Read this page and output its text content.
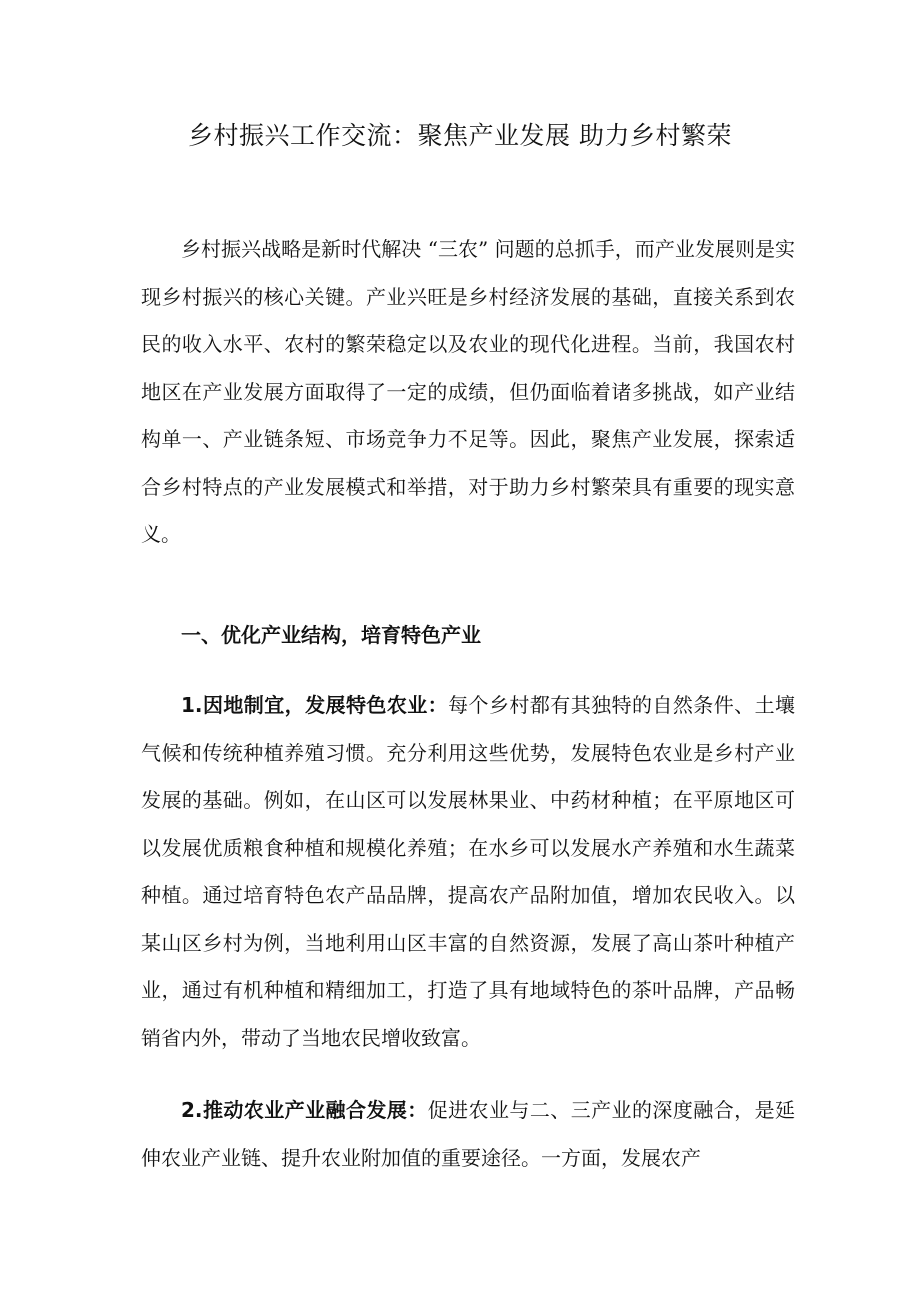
乡村振兴工作交流：聚焦产业发展 助力乡村繁荣

乡村振兴战略是新时代解决 “三农” 问题的总抓手，而产业发展则是实现乡村振兴的核心关键。产业兴旺是乡村经济发展的基础，直接关系到农民的收入水平、农村的繁荣稳定以及农业的现代化进程。当前，我国农村地区在产业发展方面取得了一定的成绩，但仍面临着诸多挑战，如产业结构单一、产业链条短、市场竞争力不足等。因此，聚焦产业发展，探索适合乡村特点的产业发展模式和举措，对于助力乡村繁荣具有重要的现实意义。

一、优化产业结构，培育特色产业

1.因地制宜，发展特色农业：每个乡村都有其独特的自然条件、土壤气候和传统种植养殖习惯。充分利用这些优势，发展特色农业是乡村产业发展的基础。例如，在山区可以发展林果业、中药材种植；在平原地区可以发展优质粮食种植和规模化养殖；在水乡可以发展水产养殖和水生蔬菜种植。通过培育特色农产品品牌，提高农产品附加值，增加农民收入。以某山区乡村为例，当地利用山区丰富的自然资源，发展了高山茶叶种植产业，通过有机种植和精细加工，打造了具有地域特色的茶叶品牌，产品畅销省内外，带动了当地农民增收致富。

2.推动农业产业融合发展：促进农业与二、三产业的深度融合，是延伸农业产业链、提升农业附加值的重要途径。一方面，发展农产
